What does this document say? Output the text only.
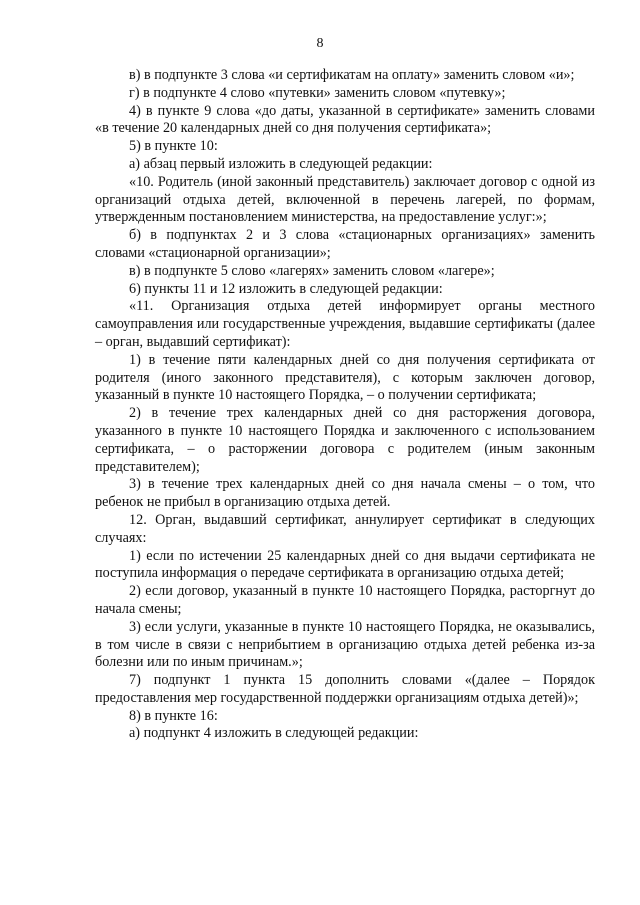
8

в) в подпункте 3 слова «и сертификатам на оплату» заменить словом «и»;

г) в подпункте 4 слово «путевки» заменить словом «путевку»;

4) в пункте 9 слова «до даты, указанной в сертификате» заменить словами «в течение 20 календарных дней со дня получения сертификата»;

5) в пункте 10:

а) абзац первый изложить в следующей редакции:

«10. Родитель (иной законный представитель) заключает договор с одной из организаций отдыха детей, включенной в перечень лагерей, по формам, утвержденным постановлением министерства, на предоставление услуг:»;

б) в подпунктах 2 и 3 слова «стационарных организациях» заменить словами «стационарной организации»;

в) в подпункте 5 слово «лагерях» заменить словом «лагере»;

6) пункты 11 и 12 изложить в следующей редакции:

«11. Организация отдыха детей информирует органы местного самоуправления или государственные учреждения, выдавшие сертификаты (далее – орган, выдавший сертификат):

1) в течение пяти календарных дней со дня получения сертификата от родителя (иного законного представителя), с которым заключен договор, указанный в пункте 10 настоящего Порядка, – о получении сертификата;

2) в течение трех календарных дней со дня расторжения договора, указанного в пункте 10 настоящего Порядка и заключенного с использованием сертификата, – о расторжении договора с родителем (иным законным представителем);

3) в течение трех календарных дней со дня начала смены – о том, что ребенок не прибыл в организацию отдыха детей.

12. Орган, выдавший сертификат, аннулирует сертификат в следующих случаях:

1) если по истечении 25 календарных дней со дня выдачи сертификата не поступила информация о передаче сертификата в организацию отдыха детей;

2) если договор, указанный в пункте 10 настоящего Порядка, расторгнут до начала смены;

3) если услуги, указанные в пункте 10 настоящего Порядка, не оказывались, в том числе в связи с неприбытием в организацию отдыха детей ребенка из-за болезни или по иным причинам.»;

7) подпункт 1 пункта 15 дополнить словами «(далее – Порядок предоставления мер государственной поддержки организациям отдыха детей)»;

8) в пункте 16:

а) подпункт 4 изложить в следующей редакции:
